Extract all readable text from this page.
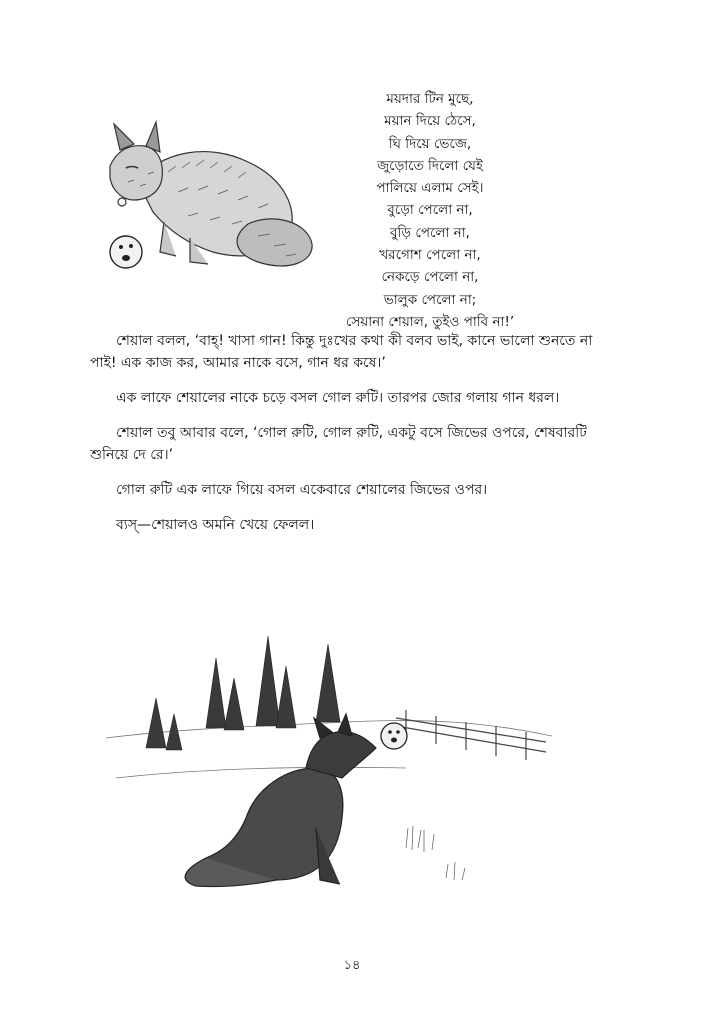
ময়দার টিন মুছে,
ময়ান দিয়ে ঠেসে,
ঘি দিয়ে ভেজে,
জুড়োতে দিলো যেই
পালিয়ে এলাম সেই।
বুড়ো পেলো না,
বুড়ি পেলো না,
খরগোশ পেলো না,
নেকড়ে পেলো না,
ভালুক পেলো না;
সেয়ানা শেয়াল, তুইও পাবি না!’

শেয়াল বলল, ‘বাহ্! খাসা গান! কিন্তু দুঃখের কথা কী বলব ভাই, কানে ভালো শুনতে না পাই! এক কাজ কর, আমার নাকে বসে, গান ধর কষে।’

এক লাফে শেয়ালের নাকে চড়ে বসল গোল রুটি। তারপর জোর গলায় গান ধরল।

শেয়াল তবু আবার বলে, ‘গোল রুটি, গোল রুটি, একটু বসে জিভের ওপরে, শেষবারটি শুনিয়ে দে রে।’

গোল রুটি এক লাফে গিয়ে বসল একেবারে শেয়ালের জিভের ওপর।

ব্যস্—শেয়ালও অমনি খেয়ে ফেলল।

১৪
